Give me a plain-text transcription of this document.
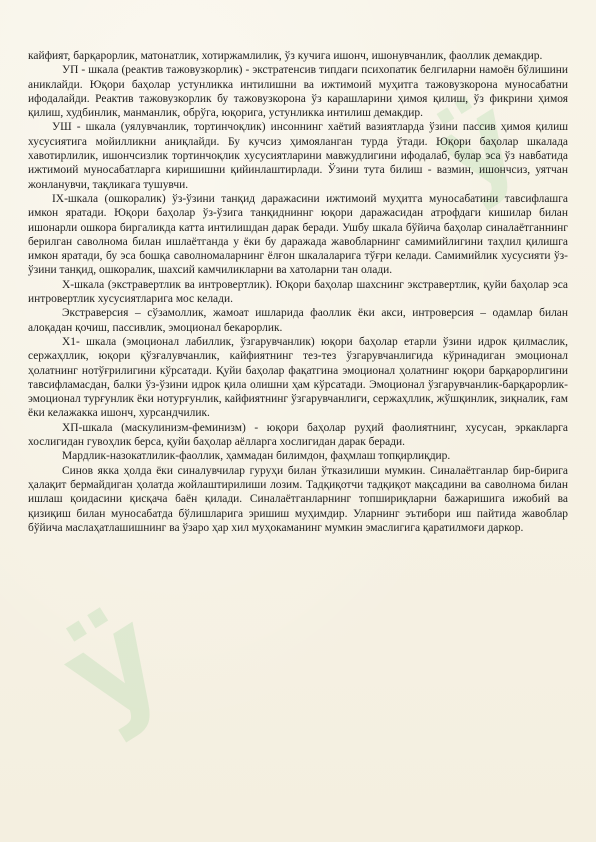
ÿ
ÿ

кайфият, барқарорлик, матонатлик, хотиржамлилик, ўз кучига ишонч, ишонувчанлик, фаоллик демакдир.

УП - шкала (реактив тажовузкорлик) - экстратенсив типдаги психопатик белгиларни намоён бўлишини аниклайди. Юқори баҳолар устунликка интилишни ва ижтимоий муҳитга тажовузкорона муносабатни ифодалайди. Реактив тажовузкорлик бу тажовузкорона ўз карашларини ҳимоя қилиш, ўз фикрини ҳимоя қилиш, худбинлик, манманлик, обрўга, юқорига, устунликка интилиш демакдир.

УШ - шкала (уялувчанлик, тортинчоқлик) инсоннинг хаётий вазиятларда ўзини пассив ҳимоя қилиш хусусиятига мойилликни аниқлайди. Бу кучсиз ҳимояланган турда ўтади. Юқори баҳолар шкалада хавотирлилик, ишончсизлик тортинчоқлик хусусиятларини мавжудлигини ифодалаб, булар эса ўз навбатида ижтимоий муносабатларга киришишни қийинлаштирлади. Ўзини тута билиш - вазмин, ишончсиз, уятчан жонланувчи, тақликага тушувчи.

IX-шкала (ошкоралик) ўз-ўзини танқид даражасини ижтимоий муҳитга муносабатини тавсифлашга имкон яратади. Юқори баҳолар ўз-ўзига танқидниннг юқори даражасидан атрофдаги кишилар билан ишонарли ошкора биргаликда катта интилишдан дарак беради. Ушбу шкала бўйича баҳолар синалаётганнинг берилган саволнома билан ишлаётганда у ёки бу даражада жавобларнинг самимийлигини таҳлил қилишга имкон яратади, бу эса бошқа саволномаларнинг ёлғон шкалаларига тўғри келади. Самимийлик хусусияти ўз-ўзини танқид, ошкоралик, шахсий камчиликларни ва хатоларни тан олади.

Х-шкала (экстравертлик ва интровертлик). Юқори баҳолар шахснинг экстравертлик, қуйи баҳолар эса интровертлик хусусиятларига мос келади.

Экстраверсия – сўзамоллик, жамоат ишларида фаоллик ёки акси, интроверсия – одамлар билан алоқадан қочиш, пассивлик, эмоционал бекарорлик.

Х1- шкала (эмоционал лабиллик, ўзгарувчанлик) юқори баҳолар етарли ўзини идрок қилмаслик, сержаҳллик, юқори қўзғалувчанлик, кайфиятнинг тез-тез ўзгарувчанлигида кўринадиган эмоционал ҳолатнинг нотўғрилигини кўрсатади. Қуйи баҳолар фақатгина эмоционал ҳолатнинг юқори барқарорлигини тавсифламасдан, балки ўз-ўзини идрок қила олишни ҳам кўрсатади. Эмоционал ўзгарувчанлик-барқарорлик-эмоционал турғунлик ёки нотурғунлик, кайфиятнинг ўзгарувчанлиги, сержаҳллик, жўшқинлик, зиқналик, ғам ёки келажакка ишонч, хурсандчилик.

ХП-шкала (маскулинизм-феминизм) - юқори баҳолар руҳий фаолиятнинг, хусусан, эркакларга хослигидан гувоҳлик берса, қуйи баҳолар аёлларга хослигидан дарак беради.

Мардлик-назокатлилик-фаоллик, ҳаммадан билимдон, фаҳмлаш топқирлиқдир.

Синов якка ҳолда ёки синалувчилар гуруҳи билан ўтказилиши мумкин. Синалаётганлар бир-бирига ҳалақит бермайдиган ҳолатда жойлаштирилиши лозим. Тадқиқотчи тадқиқот мақсадини ва саволнома билан ишлаш қоидасини қисқача баён қилади. Синалаётганларнинг топшириқларни бажаришига ижобий ва қизиқиш билан муносабатда бўлишларига эришиш муҳимдир. Уларнинг эътибори иш пайтида жавоблар бўйича маслаҳатлашишнинг ва ўзаро ҳар хил муҳокаманинг мумкин эмаслигига қаратилмоғи даркор.
